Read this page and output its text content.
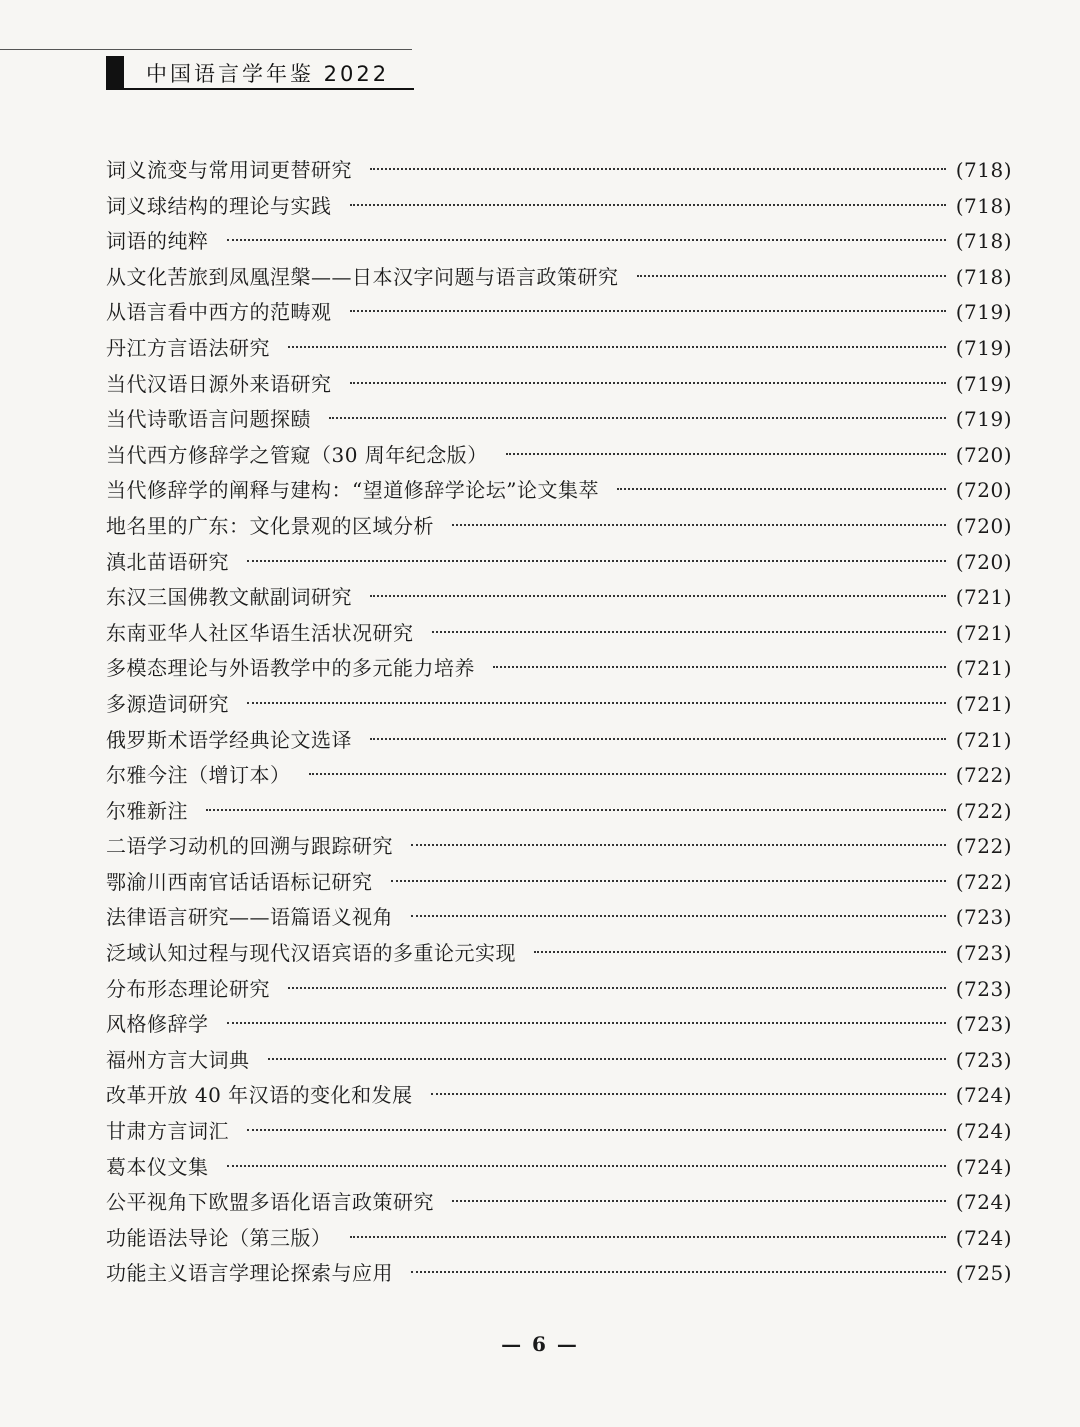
中国语言学年鉴 2022
词义流变与常用词更替研究	(718)
词义球结构的理论与实践	(718)
词语的纯粹	(718)
从文化苦旅到凤凰涅槃——日本汉字问题与语言政策研究	(718)
从语言看中西方的范畴观	(719)
丹江方言语法研究	(719)
当代汉语日源外来语研究	(719)
当代诗歌语言问题探赜	(719)
当代西方修辞学之管窥（30 周年纪念版）	(720)
当代修辞学的阐释与建构：“望道修辞学论坛”论文集萃	(720)
地名里的广东：文化景观的区域分析	(720)
滇北苗语研究	(720)
东汉三国佛教文献副词研究	(721)
东南亚华人社区华语生活状况研究	(721)
多模态理论与外语教学中的多元能力培养	(721)
多源造词研究	(721)
俄罗斯术语学经典论文选译	(721)
尔雅今注（增订本）	(722)
尔雅新注	(722)
二语学习动机的回溯与跟踪研究	(722)
鄂渝川西南官话话语标记研究	(722)
法律语言研究——语篇语义视角	(723)
泛域认知过程与现代汉语宾语的多重论元实现	(723)
分布形态理论研究	(723)
风格修辞学	(723)
福州方言大词典	(723)
改革开放 40 年汉语的变化和发展	(724)
甘肃方言词汇	(724)
葛本仪文集	(724)
公平视角下欧盟多语化语言政策研究	(724)
功能语法导论（第三版）	(724)
功能主义语言学理论探索与应用	(725)
— 6 —
